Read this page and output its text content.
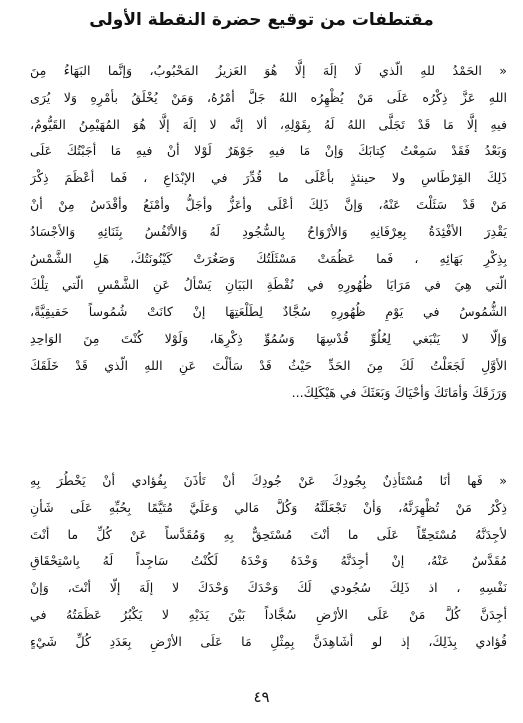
مقتطفات من توقيع حضرة النقطة الأولى
« الحَمْدُ للهِ الّذي لَا إلَهَ إلَّا هُوَ العَزيزُ المَحْبُوبُ، وَإنَّما البَهَاءُ مِنَ
اللهِ عَزَّ ذِكْرُه عَلَى مَنْ يُظْهِرُه اللهُ جَلَّ أمْرُهُ، وَمَنْ يُخْلَقُ بأمْرِهِ وَلا يُرَى
فيهِ إلَّا مَا قَدْ تَجَلَّى اللهُ لَهُ بِقَوْلِهِ، ألا إنَّه لا إلَهَ إلَّا هُوَ المُهَيْمِنُ القَيُّومُ،
وَبَعْدُ فَقَدْ سَمِعْتُ كِتابَكَ وَإنْ مَا فيهِ جَوْهَرٌ لَوْلا أنْ فيهِ مَا أجَبْتُكَ عَلَى
ذَلِكَ القِرْطَاسِ ولا حينئذٍ بأعْلَى ما قُدِّرَ في الإبْدَاعِ ، فَما أعْظَمَ ذِكْرَ
مَنْ قَدْ سَئَلْتَ عَنْهُ، وَإنَّ ذَلِكَ أعْلَى وأعَزُّ وأجَلُّ وأمْنَعُ وأقْدَسُ مِنْ أنْ
يَقْدِرَ الأفْئِدَةُ بِعِرْفَانِهِ وَالأرْوَاحُ بِالسُّجُودِ لَهُ وَالأنْفُسُ بِثَنَائِهِ وَالأجْسَادُ
بِذِكْرِ بَهَائِهِ ، فَما عَظُمَتْ مَسْئَلَتُكَ وَصَغُرَتْ كَيْنُونَتُكَ، هَلِ الشَّمْسُ
الّتي هِيَ في مَرَايَا ظُهُورِهِ في نُقْطَةِ البَيَانِ يَسْألُ عَنِ الشَّمْسِ الّتي تِلْكَ
الشُّمُوسُ في يَوْمِ ظُهُورِهِ سُجَّادٌ لِطَلْعَتِهَا إنْ كانَتْ شُمُوساً حَقيقِيَّةً،
وَإلّا لا يَنْبَغي لِعُلُوِّ قُدْسِهَا وَسُمُوِّ ذِكْرِهَا، وَلَوْلا كُنْتَ مِنَ الوَاحِدِ
الأوَّلِ لَجَعَلْتُ لَكَ مِنَ الحَدِّ حَيْثُ قَدْ سَألْتَ عَنِ اللهِ الّذي قَدْ خَلَقَكَ
وَرَزَقَكَ وَأمَاتَكَ وَأحْيَاكَ وَبَعَثَكَ في هَيْكَلِكَ...
« فَها أنَا مُسْتَأذِنٌ بِجُودِكَ عَنْ جُودِكَ أنْ تَأذَنَ بِفُؤادي أنْ يَخْطُرَ بِهِ
ذِكْرُ مَنْ تُظْهِرَنَّهُ، وَأنْ تَجْعَلَنَّهُ وَكُلَّ مَالي وَعَلَيَّ مُتَيَّمًا بِحُبِّهِ عَلَى شَأنِ
لأجِدَنَّهُ مُسْتَحِقّاً عَلَى ما أنْتَ مُسْتَحِقٌّ بِهِ وَمُقَدَّساً عَنْ كُلِّ ما أنْتَ
مُقَدَّسٌ عَنْهُ، إنْ أجِدَنَّهُ وَحْدَهُ وَحْدَهُ لَكُنْتُ سَاجِداً لَهُ بِاسْتِحْقَاقِ
نَفْسِهِ ، اذ ذَلِكَ سُجُودي لَكَ وَحْدَكَ وَحْدَكَ لا إلَهَ إلّا أنْتَ، وَإنْ
أجِدَنَّ كُلَّ مَنْ عَلَى الأرْضِ سُجَّاداً بَيْنَ يَدَيْهِ لا يَكْبُرُ عَظَمَتُهُ في
فُؤادي بِذَلِكَ، إذ لو أشَاهِدَنَّ بِمِثْلِ مَا عَلَى الأرْضِ بِعَدَدِ كُلِّ شَيْءٍ
٤٩
